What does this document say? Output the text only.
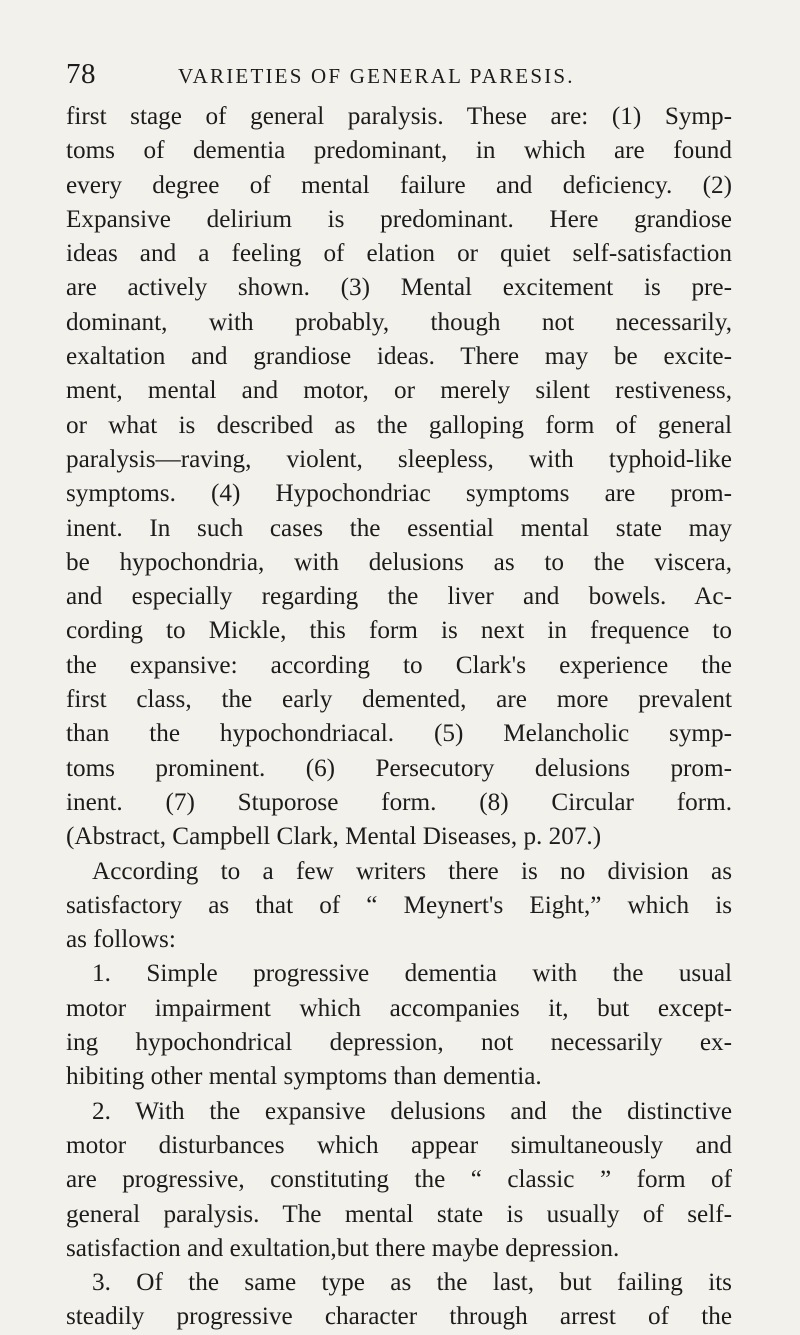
78	VARIETIES OF GENERAL PARESIS.
first stage of general paralysis. These are: (1) Symp-
toms of dementia predominant, in which are found
every degree of mental failure and deficiency. (2)
Expansive delirium is predominant. Here grandiose
ideas and a feeling of elation or quiet self-satisfaction
are actively shown. (3) Mental excitement is pre-
dominant, with probably, though not necessarily,
exaltation and grandiose ideas. There may be excite-
ment, mental and motor, or merely silent restiveness,
or what is described as the galloping form of general
paralysis—raving, violent, sleepless, with typhoid-like
symptoms. (4) Hypochondriac symptoms are prom-
inent. In such cases the essential mental state may
be hypochondria, with delusions as to the viscera,
and especially regarding the liver and bowels. Ac-
cording to Mickle, this form is next in frequence to
the expansive: according to Clark's experience the
first class, the early demented, are more prevalent
than the hypochondriacal. (5) Melancholic symp-
toms prominent. (6) Persecutory delusions prom-
inent. (7) Stuporose form. (8) Circular form.
(Abstract, Campbell Clark, Mental Diseases, p. 207.)
According to a few writers there is no division as
satisfactory as that of “ Meynert's Eight,” which is
as follows:
1. Simple progressive dementia with the usual
motor impairment which accompanies it, but except-
ing hypochondrical depression, not necessarily ex-
hibiting other mental symptoms than dementia.
2. With the expansive delusions and the distinctive
motor disturbances which appear simultaneously and
are progressive, constituting the “ classic ” form of
general paralysis. The mental state is usually of self-
satisfaction and exultation,but there maybe depression.
3. Of the same type as the last, but failing its
steadily progressive character through arrest of the
